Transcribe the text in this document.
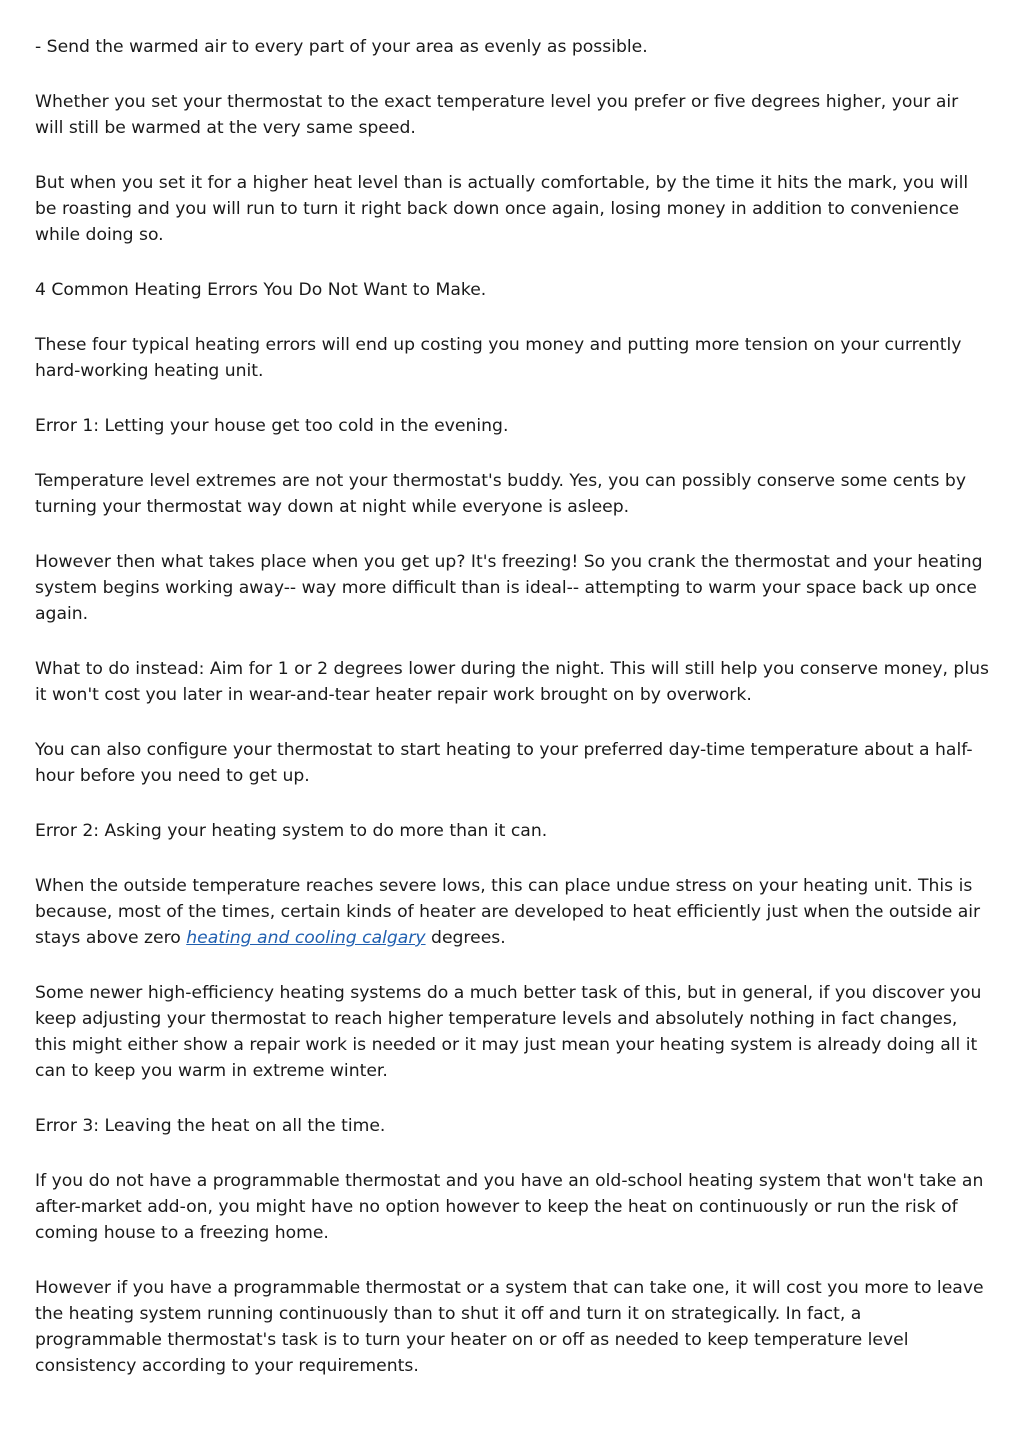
- Send the warmed air to every part of your area as evenly as possible.

Whether you set your thermostat to the exact temperature level you prefer or five degrees higher, your air will still be warmed at the very same speed.

But when you set it for a higher heat level than is actually comfortable, by the time it hits the mark, you will be roasting and you will run to turn it right back down once again, losing money in addition to convenience while doing so.

4 Common Heating Errors You Do Not Want to Make.

These four typical heating errors will end up costing you money and putting more tension on your currently hard-working heating unit.

Error 1: Letting your house get too cold in the evening.

Temperature level extremes are not your thermostat's buddy. Yes, you can possibly conserve some cents by turning your thermostat way down at night while everyone is asleep.

However then what takes place when you get up? It's freezing! So you crank the thermostat and your heating system begins working away-- way more difficult than is ideal-- attempting to warm your space back up once again.

What to do instead: Aim for 1 or 2 degrees lower during the night. This will still help you conserve money, plus it won't cost you later in wear-and-tear heater repair work brought on by overwork.

You can also configure your thermostat to start heating to your preferred day-time temperature about a half-hour before you need to get up.

Error 2: Asking your heating system to do more than it can.

When the outside temperature reaches severe lows, this can place undue stress on your heating unit. This is because, most of the times, certain kinds of heater are developed to heat efficiently just when the outside air stays above zero heating and cooling calgary degrees.

Some newer high-efficiency heating systems do a much better task of this, but in general, if you discover you keep adjusting your thermostat to reach higher temperature levels and absolutely nothing in fact changes, this might either show a repair work is needed or it may just mean your heating system is already doing all it can to keep you warm in extreme winter.

Error 3: Leaving the heat on all the time.

If you do not have a programmable thermostat and you have an old-school heating system that won't take an after-market add-on, you might have no option however to keep the heat on continuously or run the risk of coming house to a freezing home.

However if you have a programmable thermostat or a system that can take one, it will cost you more to leave the heating system running continuously than to shut it off and turn it on strategically. In fact, a programmable thermostat's task is to turn your heater on or off as needed to keep temperature level consistency according to your requirements.
